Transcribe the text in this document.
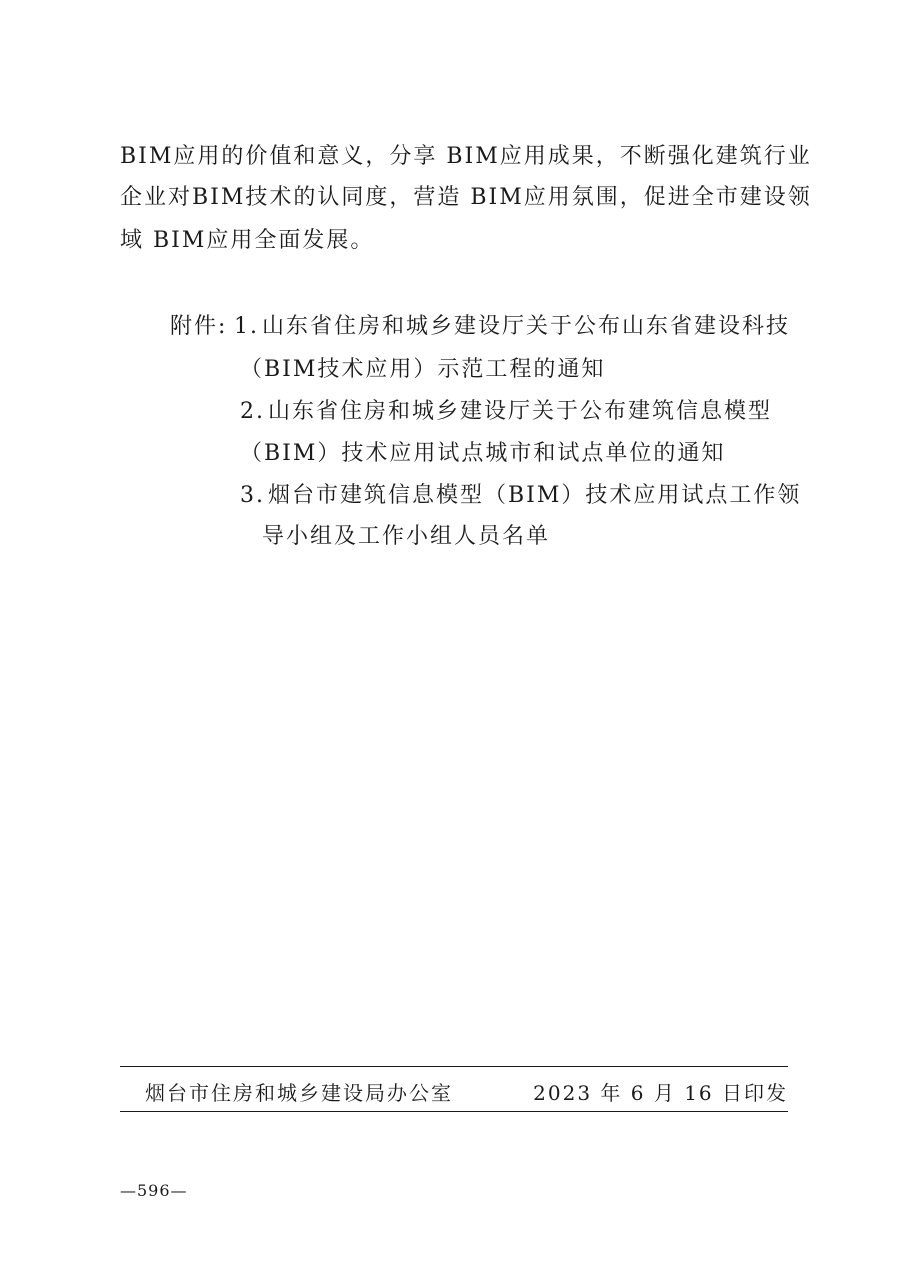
BIM应用的价值和意义，分享 BIM应用成果，不断强化建筑行业
企业对BIM技术的认同度，营造 BIM应用氛围，促进全市建设领
域 BIM应用全面发展。
附件: 1. 山东省住房和城乡建设厅关于公布山东省建设科技
（BIM技术应用）示范工程的通知
2. 山东省住房和城乡建设厅关于公布建筑信息模型
（BIM）技术应用试点城市和试点单位的通知
3. 烟台市建筑信息模型（BIM）技术应用试点工作领
导小组及工作小组人员名单
烟台市住房和城乡建设局办公室	2023 年 6 月 16 日印发
—596—
